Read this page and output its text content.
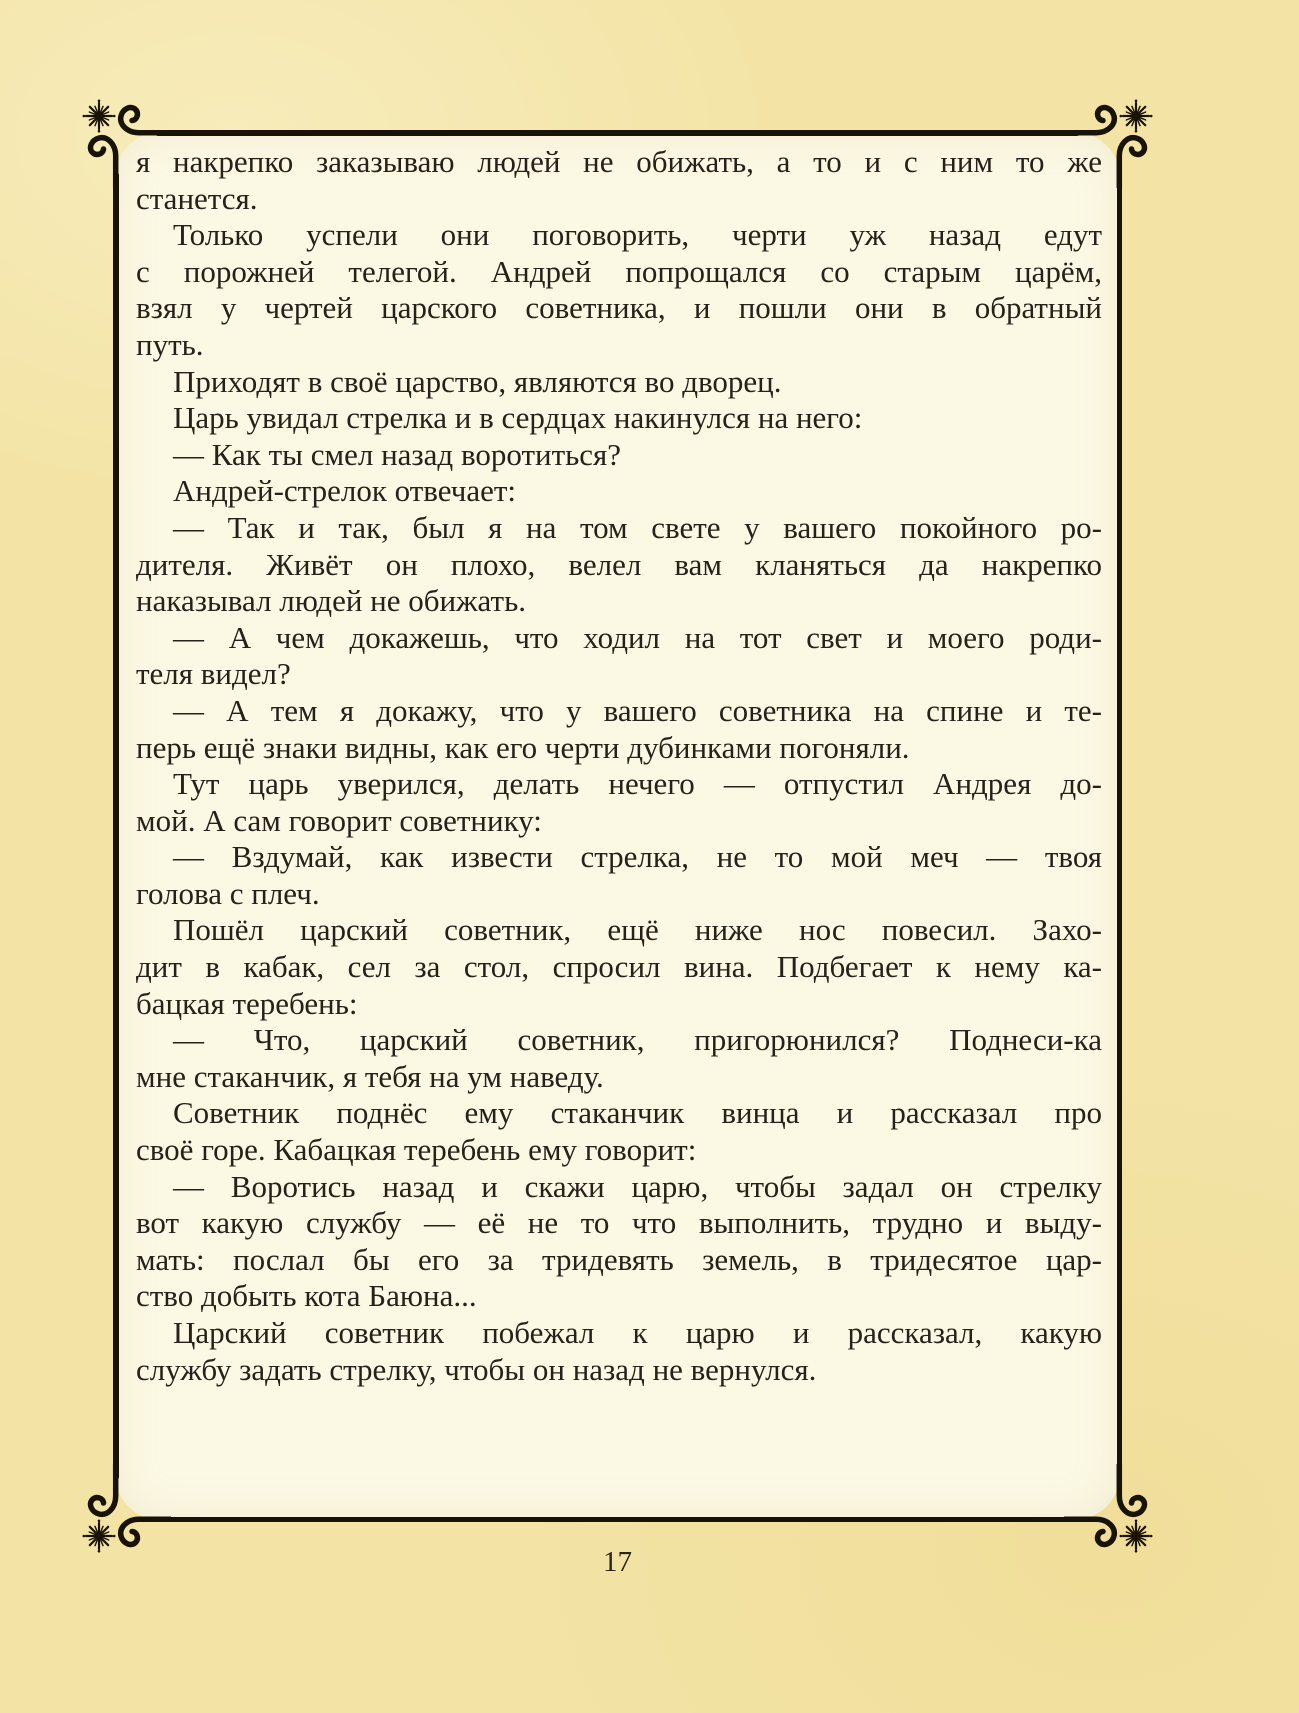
я накрепко заказываю людей не обижать, а то и с ним то же
станется.
Только успели они поговорить, черти уж назад едут
с порожней телегой. Андрей попрощался со старым царём,
взял у чертей царского советника, и пошли они в обратный
путь.
Приходят в своё царство, являются во дворец.
Царь увидал стрелка и в сердцах накинулся на него:
— Как ты смел назад воротиться?
Андрей-стрелок отвечает:
— Так и так, был я на том свете у вашего покойного ро-
дителя. Живёт он плохо, велел вам кланяться да накрепко
наказывал людей не обижать.
— А чем докажешь, что ходил на тот свет и моего роди-
теля видел?
— А тем я докажу, что у вашего советника на спине и те-
перь ещё знаки видны, как его черти дубинками погоняли.
Тут царь уверился, делать нечего — отпустил Андрея до-
мой. А сам говорит советнику:
— Вздумай, как извести стрелка, не то мой меч — твоя
голова с плеч.
Пошёл царский советник, ещё ниже нос повесил. Захо-
дит в кабак, сел за стол, спросил вина. Подбегает к нему ка-
бацкая теребень:
— Что, царский советник, пригорюнился? Поднеси-ка
мне стаканчик, я тебя на ум наведу.
Советник поднёс ему стаканчик винца и рассказал про
своё горе. Кабацкая теребень ему говорит:
— Воротись назад и скажи царю, чтобы задал он стрелку
вот какую службу — её не то что выполнить, трудно и выду-
мать: послал бы его за тридевять земель, в тридесятое цар-
ство добыть кота Баюна...
Царский советник побежал к царю и рассказал, какую
службу задать стрелку, чтобы он назад не вернулся.
17
